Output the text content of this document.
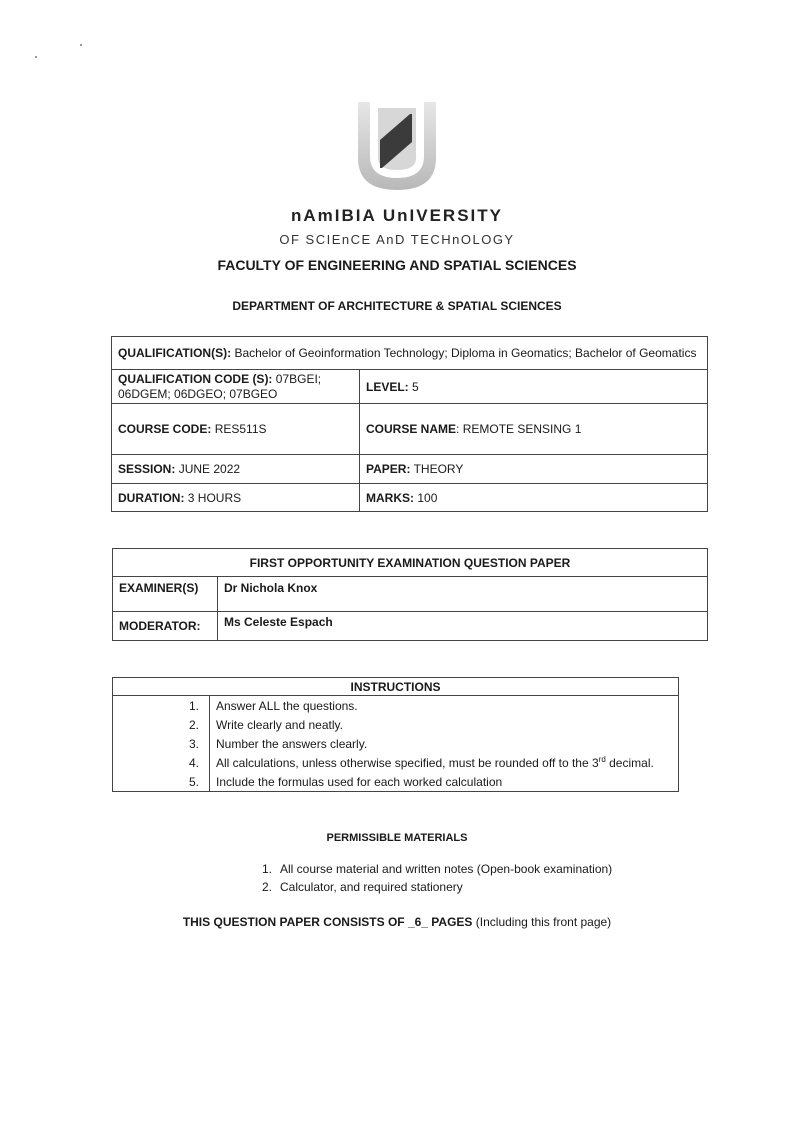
nAmIBIA UnIVERSITY
OF SCIEnCE AnD TECHnOLOGY
FACULTY OF ENGINEERING AND SPATIAL SCIENCES
DEPARTMENT OF ARCHITECTURE & SPATIAL SCIENCES
QUALIFICATION(S): Bachelor of Geoinformation Technology; Diploma in Geomatics; Bachelor of Geomatics	
QUALIFICATION CODE (S): 07BGEI; 06DGEM; 06DGEO; 07BGEO	LEVEL: 5
COURSE CODE: RES511S	COURSE NAME: REMOTE SENSING 1
SESSION: JUNE 2022	PAPER: THEORY
DURATION: 3 HOURS	MARKS: 100
FIRST OPPORTUNITY EXAMINATION QUESTION PAPER	
EXAMINER(S)	Dr Nichola Knox
MODERATOR:	Ms Celeste Espach
INSTRUCTIONS	
1.	Answer ALL the questions.
2.	Write clearly and neatly.
3.	Number the answers clearly.
4.	All calculations, unless otherwise specified, must be rounded off to the 3rd decimal.
5.	Include the formulas used for each worked calculation
PERMISSIBLE MATERIALS
1. All course material and written notes (Open-book examination)
2. Calculator, and required stationery
THIS QUESTION PAPER CONSISTS OF _6_ PAGES (Including this front page)
